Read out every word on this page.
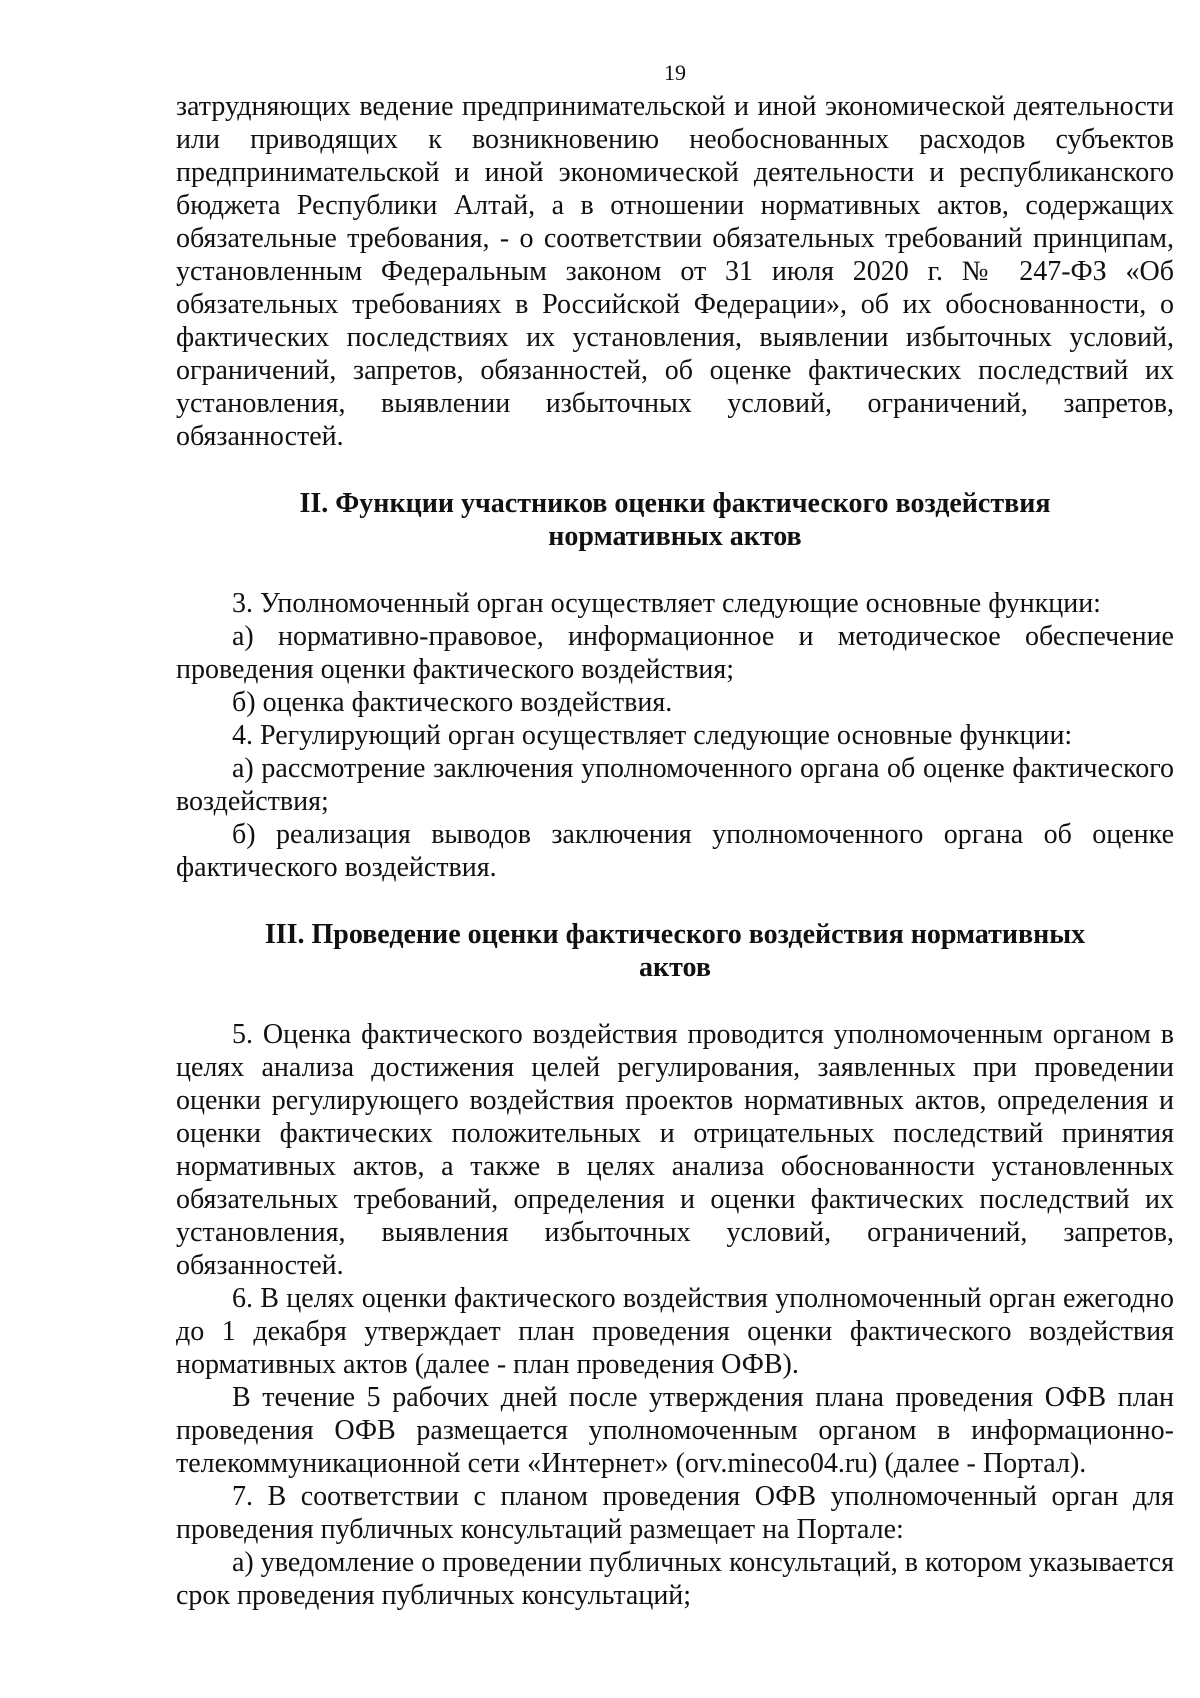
19

затрудняющих ведение предпринимательской и иной экономической деятельности или приводящих к возникновению необоснованных расходов субъектов предпринимательской и иной экономической деятельности и республиканского бюджета Республики Алтай, а в отношении нормативных актов, содержащих обязательные требования, - о соответствии обязательных требований принципам, установленным Федеральным законом от 31 июля 2020 г. № 247-ФЗ «Об обязательных требованиях в Российской Федерации», об их обоснованности, о фактических последствиях их установления, выявлении избыточных условий, ограничений, запретов, обязанностей, об оценке фактических последствий их установления, выявлении избыточных условий, ограничений, запретов, обязанностей.

II. Функции участников оценки фактического воздействия
нормативных актов

3. Уполномоченный орган осуществляет следующие основные функции:

а) нормативно-правовое, информационное и методическое обеспечение проведения оценки фактического воздействия;

б) оценка фактического воздействия.

4. Регулирующий орган осуществляет следующие основные функции:

а) рассмотрение заключения уполномоченного органа об оценке фактического воздействия;

б) реализация выводов заключения уполномоченного органа об оценке фактического воздействия.

III. Проведение оценки фактического воздействия нормативных
актов

5. Оценка фактического воздействия проводится уполномоченным органом в целях анализа достижения целей регулирования, заявленных при проведении оценки регулирующего воздействия проектов нормативных актов, определения и оценки фактических положительных и отрицательных последствий принятия нормативных актов, а также в целях анализа обоснованности установленных обязательных требований, определения и оценки фактических последствий их установления, выявления избыточных условий, ограничений, запретов, обязанностей.

6. В целях оценки фактического воздействия уполномоченный орган ежегодно до 1 декабря утверждает план проведения оценки фактического воздействия нормативных актов (далее - план проведения ОФВ).

В течение 5 рабочих дней после утверждения плана проведения ОФВ план проведения ОФВ размещается уполномоченным органом в информационно-телекоммуникационной сети «Интернет» (orv.mineco04.ru) (далее - Портал).

7. В соответствии с планом проведения ОФВ уполномоченный орган для проведения публичных консультаций размещает на Портале:

а) уведомление о проведении публичных консультаций, в котором указывается срок проведения публичных консультаций;
